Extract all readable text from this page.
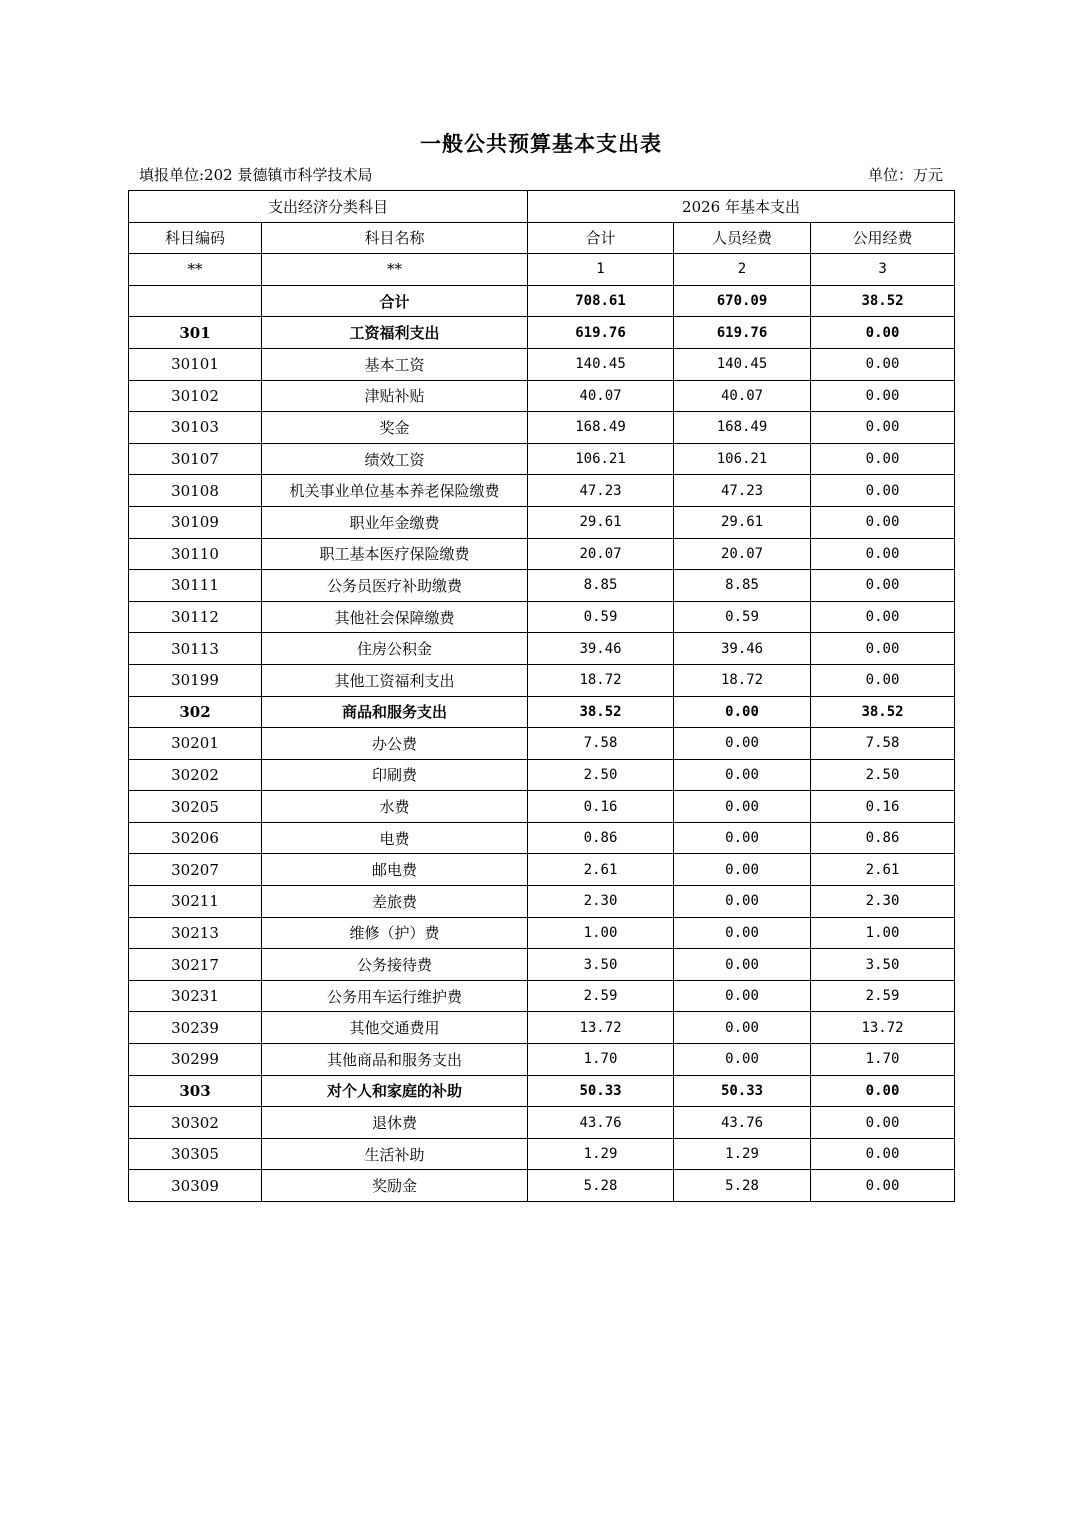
一般公共预算基本支出表
填报单位:202 景德镇市科学技术局	单位：万元
支出经济分类科目		2026 年基本支出		
科目编码	科目名称	合计	人员经费	公用经费
**	**	1	2	3
	合计	708.61	670.09	38.52
301	工资福利支出	619.76	619.76	0.00
30101	基本工资	140.45	140.45	0.00
30102	津贴补贴	40.07	40.07	0.00
30103	奖金	168.49	168.49	0.00
30107	绩效工资	106.21	106.21	0.00
30108	机关事业单位基本养老保险缴费	47.23	47.23	0.00
30109	职业年金缴费	29.61	29.61	0.00
30110	职工基本医疗保险缴费	20.07	20.07	0.00
30111	公务员医疗补助缴费	8.85	8.85	0.00
30112	其他社会保障缴费	0.59	0.59	0.00
30113	住房公积金	39.46	39.46	0.00
30199	其他工资福利支出	18.72	18.72	0.00
302	商品和服务支出	38.52	0.00	38.52
30201	办公费	7.58	0.00	7.58
30202	印刷费	2.50	0.00	2.50
30205	水费	0.16	0.00	0.16
30206	电费	0.86	0.00	0.86
30207	邮电费	2.61	0.00	2.61
30211	差旅费	2.30	0.00	2.30
30213	维修（护）费	1.00	0.00	1.00
30217	公务接待费	3.50	0.00	3.50
30231	公务用车运行维护费	2.59	0.00	2.59
30239	其他交通费用	13.72	0.00	13.72
30299	其他商品和服务支出	1.70	0.00	1.70
303	对个人和家庭的补助	50.33	50.33	0.00
30302	退休费	43.76	43.76	0.00
30305	生活补助	1.29	1.29	0.00
30309	奖励金	5.28	5.28	0.00
